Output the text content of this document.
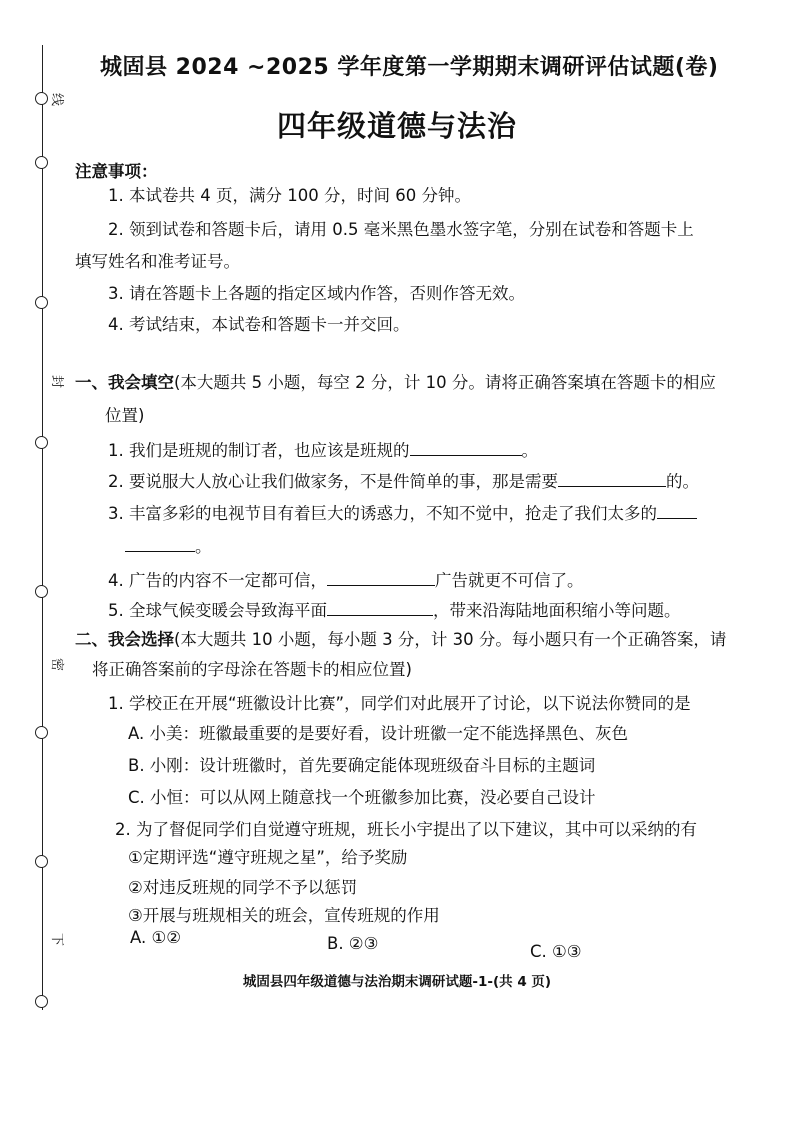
线
封
密
下
城固县 2024 ~2025 学年度第一学期期末调研评估试题(卷)
四年级道德与法治
注意事项：
1. 本试卷共 4 页，满分 100 分，时间 60 分钟。
2. 领到试卷和答题卡后，请用 0.5 毫米黑色墨水签字笔，分别在试卷和答题卡上
填写姓名和准考证号。
3. 请在答题卡上各题的指定区域内作答，否则作答无效。
4. 考试结束，本试卷和答题卡一并交回。
一、我会填空(本大题共 5 小题，每空 2 分，计 10 分。请将正确答案填在答题卡的相应
位置)
1. 我们是班规的制订者，也应该是班规的	。
2. 要说服大人放心让我们做家务，不是件简单的事，那是需要	的。
3. 丰富多彩的电视节目有着巨大的诱惑力，不知不觉中，抢走了我们太多的
。
4. 广告的内容不一定都可信，	广告就更不可信了。
5. 全球气候变暖会导致海平面	，带来沿海陆地面积缩小等问题。
二、我会选择(本大题共 10 小题，每小题 3 分，计 30 分。每小题只有一个正确答案，请
将正确答案前的字母涂在答题卡的相应位置)
1. 学校正在开展“班徽设计比赛”，同学们对此展开了讨论，以下说法你赞同的是
A. 小美：班徽最重要的是要好看，设计班徽一定不能选择黑色、灰色
B. 小刚：设计班徽时，首先要确定能体现班级奋斗目标的主题词
C. 小恒：可以从网上随意找一个班徽参加比赛，没必要自己设计
2. 为了督促同学们自觉遵守班规，班长小宇提出了以下建议，其中可以采纳的有
①定期评选“遵守班规之星”，给予奖励
②对违反班规的同学不予以惩罚
③开展与班规相关的班会，宣传班规的作用
A. ①②	B. ②③	C. ①③
城固县四年级道德与法治期末调研试题-1-(共 4 页)
